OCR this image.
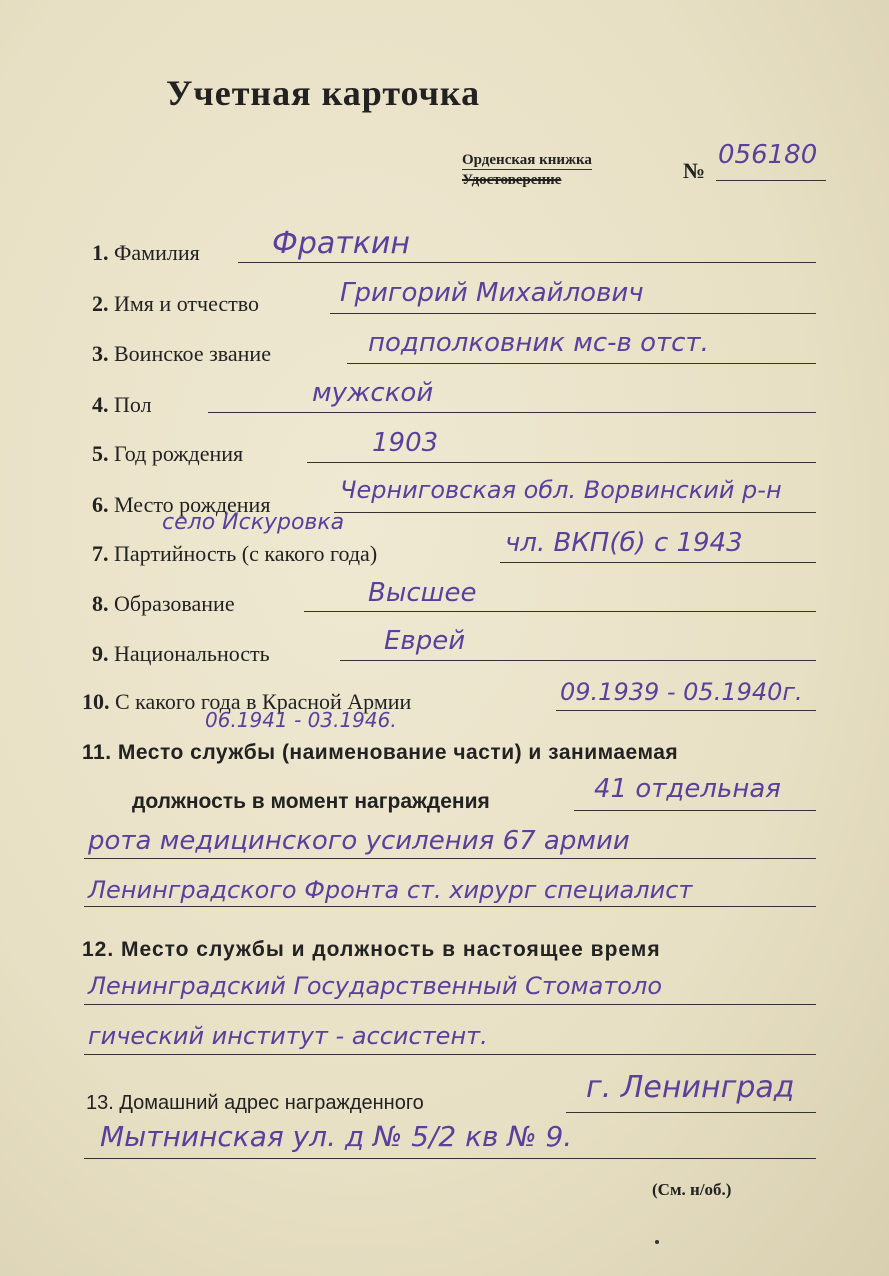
Учетная карточка
Орденская книжка
Удостоверение	№
056180
1. Фамилия Фраткин
2. Имя и отчество	Григорий Михайлович
3. Воинское звание	подполковник мс-в отст.
4. Пол	мужской
5. Год рождения	1903
6. Место рождения
Черниговская обл. Ворвинский р-н
село Искуровка
7. Партийность (с какого года)	чл. ВКП(б) с 1943
8. Образование	Высшее
9. Национальность	Еврей
10. С какого года в Красной Армии	09.1939 - 05.1940г.
06.1941 - 03.1946.
11. Место службы (наименование части) и занимаемая
должность в момент награждения	41 отдельная
рота медицинского усиления 67 армии
Ленинградского Фронта ст. хирург специалист
12. Место службы и должность в настоящее время
Ленинградский Государственный Стоматоло
гический институт - ассистент.
13. Домашний адрес награжденного	г. Ленинград
Мытнинская ул. д № 5/2 кв № 9.
(См. н/об.)
